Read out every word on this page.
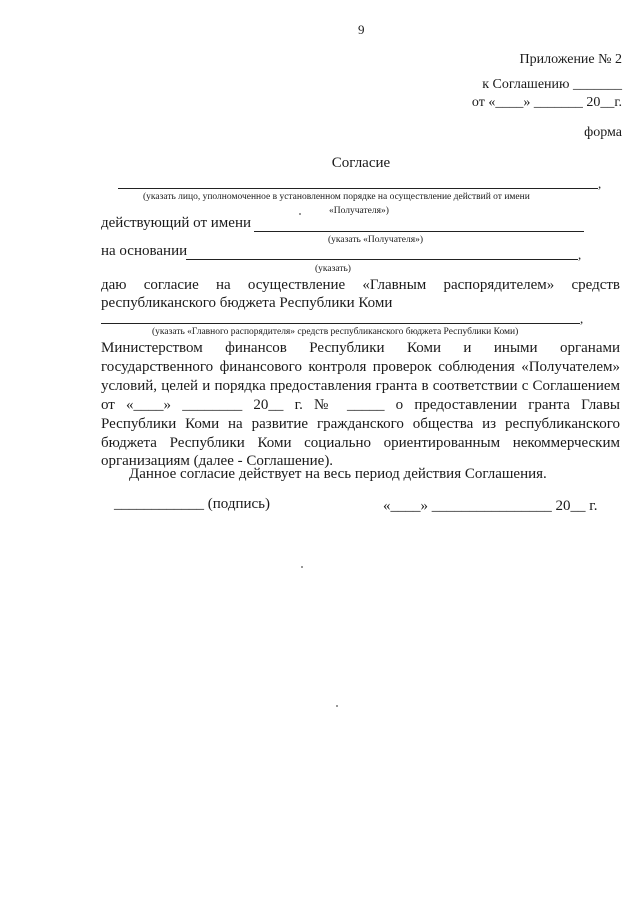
9
Приложение № 2
к Соглашению _______
от «____» _______ 20__г.
форма
Согласие
,
(указать лицо, уполномоченное в установленном порядке на осуществление действий от имени
«Получателя»)
действующий от имени
(указать «Получателя»)
на основании	,
(указать)
даю согласие на осуществление «Главным распорядителем» средств
республиканского бюджета Республики Коми
,
(указать «Главного распорядителя» средств республиканского бюджета Республики Коми)
Министерством финансов Республики Коми и иными органами
государственного финансового контроля проверок соблюдения «Получателем»
условий, целей и порядка предоставления гранта в соответствии с Соглашением
от «____» ________ 20__ г. № _____ о предоставлении гранта Главы
Республики Коми на развитие гражданского общества из республиканского
бюджета Республики Коми социально ориентированным некоммерческим
организациям (далее - Соглашение).
Данное согласие действует на весь период действия Соглашения.
____________ (подпись)	«____» ________________ 20__ г.
